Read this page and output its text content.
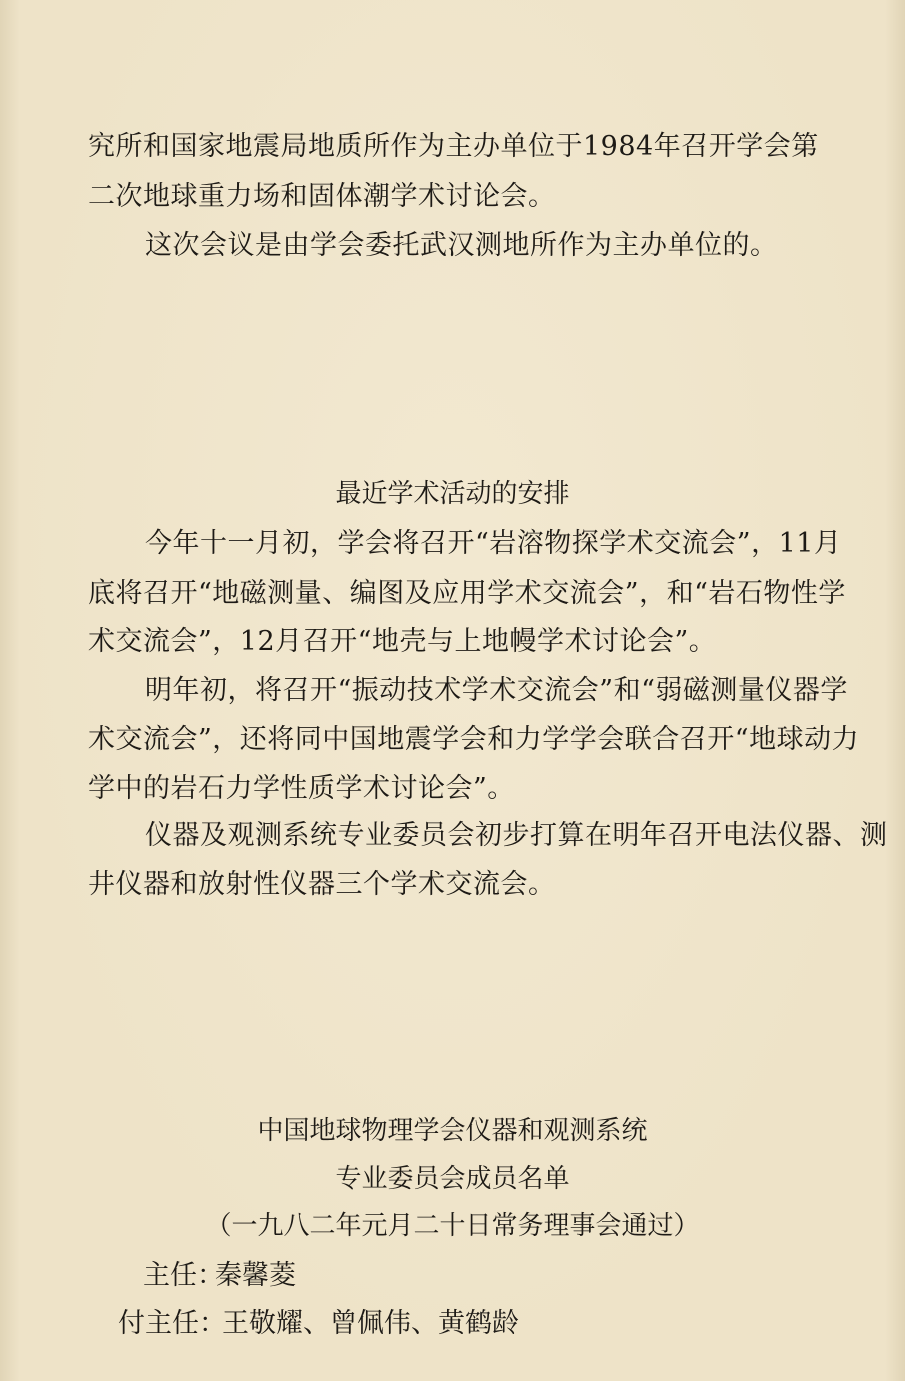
究所和国家地震局地质所作为主办单位于1984年召开学会第
二次地球重力场和固体潮学术讨论会。
这次会议是由学会委托武汉测地所作为主办单位的。
最近学术活动的安排
今年十一月初，学会将召开“岩溶物探学术交流会”，11月
底将召开“地磁测量、编图及应用学术交流会”，和“岩石物性学
术交流会”，12月召开“地壳与上地幔学术讨论会”。
明年初，将召开“振动技术学术交流会”和“弱磁测量仪器学
术交流会”，还将同中国地震学会和力学学会联合召开“地球动力
学中的岩石力学性质学术讨论会”。
仪器及观测系统专业委员会初步打算在明年召开电法仪器、测
井仪器和放射性仪器三个学术交流会。
中国地球物理学会仪器和观测系统
专业委员会成员名单
（一九八二年元月二十日常务理事会通过）
主任：
秦馨菱
付主任：
王敬耀、曾佩伟、黄鹤龄
